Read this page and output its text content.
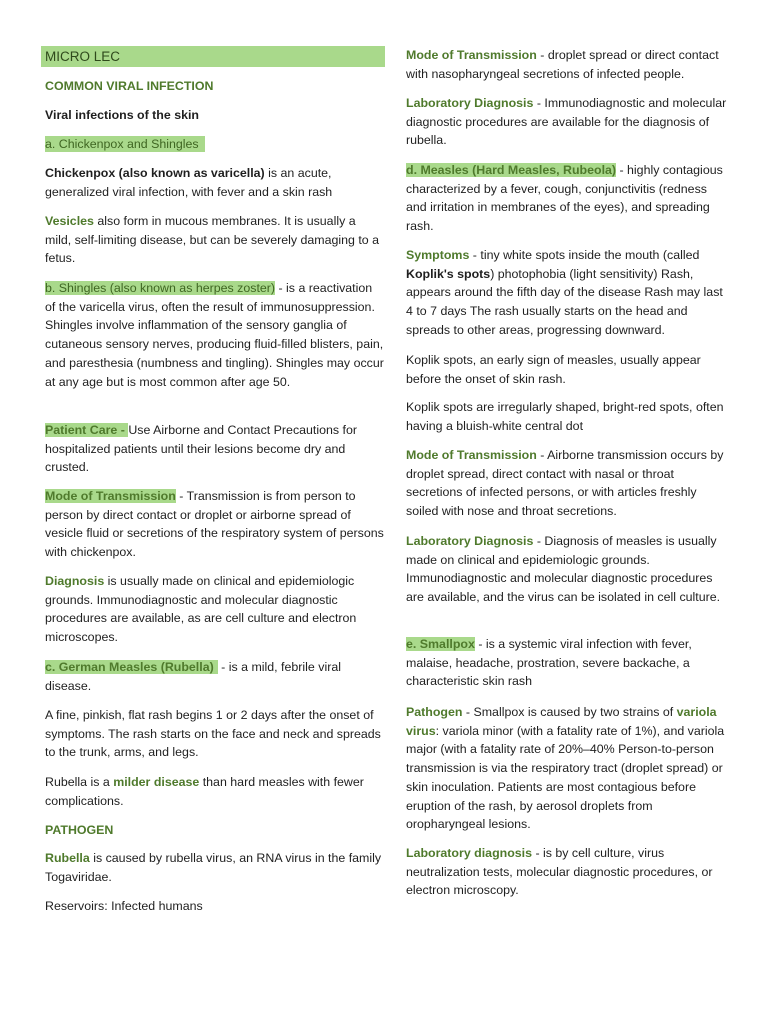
MICRO LEC

COMMON VIRAL INFECTION

Viral infections of the skin

a. Chickenpox and Shingles

Chickenpox (also known as varicella) is an acute, generalized viral infection, with fever and a skin rash

Vesicles also form in mucous membranes. It is usually a mild, self-limiting disease, but can be severely damaging to a fetus.

b. Shingles (also known as herpes zoster) - is a reactivation of the varicella virus, often the result of immunosuppression. Shingles involve inflammation of the sensory ganglia of cutaneous sensory nerves, producing fluid-filled blisters, pain, and paresthesia (numbness and tingling). Shingles may occur at any age but is most common after age 50.

Patient Care - Use Airborne and Contact Precautions for hospitalized patients until their lesions become dry and crusted.

Mode of Transmission - Transmission is from person to person by direct contact or droplet or airborne spread of vesicle fluid or secretions of the respiratory system of persons with chickenpox.

Diagnosis is usually made on clinical and epidemiologic grounds. Immunodiagnostic and molecular diagnostic procedures are available, as are cell culture and electron microscopes.

c. German Measles (Rubella) - is a mild, febrile viral disease.

A fine, pinkish, flat rash begins 1 or 2 days after the onset of symptoms. The rash starts on the face and neck and spreads to the trunk, arms, and legs.

Rubella is a milder disease than hard measles with fewer complications.

PATHOGEN

Rubella is caused by rubella virus, an RNA virus in the family Togaviridae.

Reservoirs: Infected humans

Mode of Transmission - droplet spread or direct contact with nasopharyngeal secretions of infected people.

Laboratory Diagnosis - Immunodiagnostic and molecular diagnostic procedures are available for the diagnosis of rubella.

d. Measles (Hard Measles, Rubeola) - highly contagious characterized by a fever, cough, conjunctivitis (redness and irritation in membranes of the eyes), and spreading rash.

Symptoms - tiny white spots inside the mouth (called Koplik's spots) photophobia (light sensitivity) Rash, appears around the fifth day of the disease Rash may last 4 to 7 days The rash usually starts on the head and spreads to other areas, progressing downward.

Koplik spots, an early sign of measles, usually appear before the onset of skin rash.

Koplik spots are irregularly shaped, bright-red spots, often having a bluish-white central dot

Mode of Transmission - Airborne transmission occurs by droplet spread, direct contact with nasal or throat secretions of infected persons, or with articles freshly soiled with nose and throat secretions.

Laboratory Diagnosis - Diagnosis of measles is usually made on clinical and epidemiologic grounds. Immunodiagnostic and molecular diagnostic procedures are available, and the virus can be isolated in cell culture.

e. Smallpox - is a systemic viral infection with fever, malaise, headache, prostration, severe backache, a characteristic skin rash

Pathogen - Smallpox is caused by two strains of variola virus: variola minor (with a fatality rate of 1%), and variola major (with a fatality rate of 20%–40% Person-to-person transmission is via the respiratory tract (droplet spread) or skin inoculation. Patients are most contagious before eruption of the rash, by aerosol droplets from oropharyngeal lesions.

Laboratory diagnosis - is by cell culture, virus neutralization tests, molecular diagnostic procedures, or electron microscopy.
